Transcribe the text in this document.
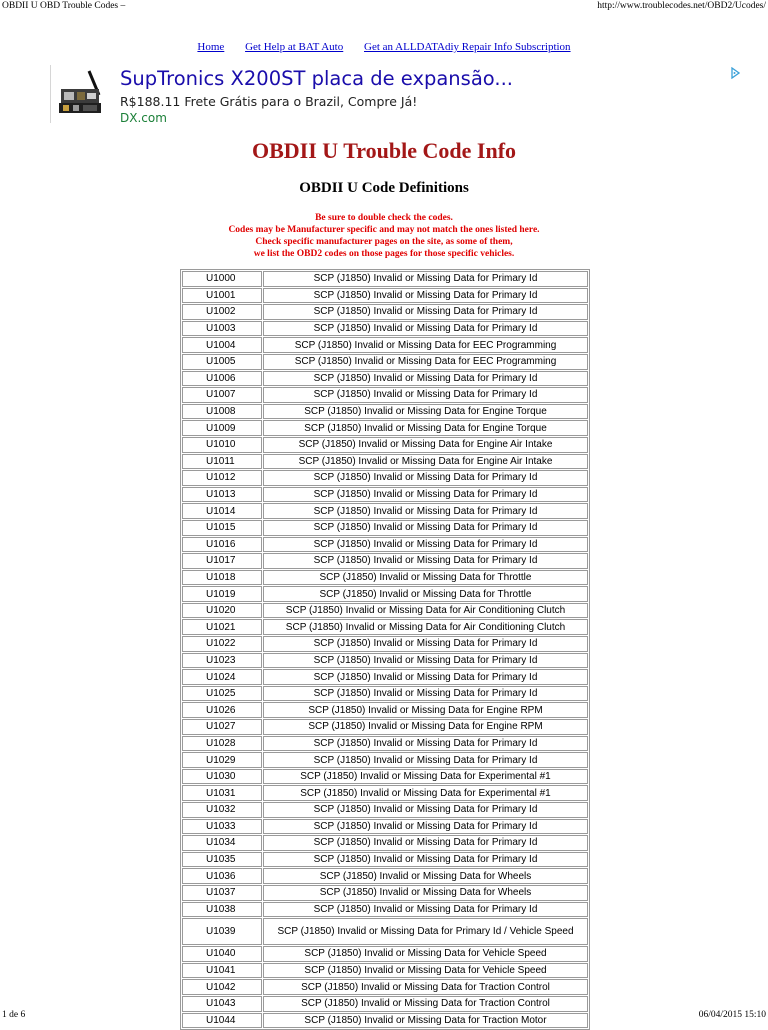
OBDII U OBD Trouble Codes –	http://www.troublecodes.net/OBD2/Ucodes/
Home Get Help at BAT Auto Get an ALLDATAdiy Repair Info Subscription
SupTronics X200ST placa de expansão...
R$188.11 Frete Grátis para o Brazil, Compre Já!
DX.com
OBDII U Trouble Code Info
OBDII U Code Definitions
Be sure to double check the codes.
Codes may be Manufacturer specific and may not match the ones listed here.
Check specific manufacturer pages on the site, as some of them,
we list the OBD2 codes on those pages for those specific vehicles.
U1000	SCP (J1850) Invalid or Missing Data for Primary Id
U1001	SCP (J1850) Invalid or Missing Data for Primary Id
U1002	SCP (J1850) Invalid or Missing Data for Primary Id
U1003	SCP (J1850) Invalid or Missing Data for Primary Id
U1004	SCP (J1850) Invalid or Missing Data for EEC Programming
U1005	SCP (J1850) Invalid or Missing Data for EEC Programming
U1006	SCP (J1850) Invalid or Missing Data for Primary Id
U1007	SCP (J1850) Invalid or Missing Data for Primary Id
U1008	SCP (J1850) Invalid or Missing Data for Engine Torque
U1009	SCP (J1850) Invalid or Missing Data for Engine Torque
U1010	SCP (J1850) Invalid or Missing Data for Engine Air Intake
U1011	SCP (J1850) Invalid or Missing Data for Engine Air Intake
U1012	SCP (J1850) Invalid or Missing Data for Primary Id
U1013	SCP (J1850) Invalid or Missing Data for Primary Id
U1014	SCP (J1850) Invalid or Missing Data for Primary Id
U1015	SCP (J1850) Invalid or Missing Data for Primary Id
U1016	SCP (J1850) Invalid or Missing Data for Primary Id
U1017	SCP (J1850) Invalid or Missing Data for Primary Id
U1018	SCP (J1850) Invalid or Missing Data for Throttle
U1019	SCP (J1850) Invalid or Missing Data for Throttle
U1020	SCP (J1850) Invalid or Missing Data for Air Conditioning Clutch
U1021	SCP (J1850) Invalid or Missing Data for Air Conditioning Clutch
U1022	SCP (J1850) Invalid or Missing Data for Primary Id
U1023	SCP (J1850) Invalid or Missing Data for Primary Id
U1024	SCP (J1850) Invalid or Missing Data for Primary Id
U1025	SCP (J1850) Invalid or Missing Data for Primary Id
U1026	SCP (J1850) Invalid or Missing Data for Engine RPM
U1027	SCP (J1850) Invalid or Missing Data for Engine RPM
U1028	SCP (J1850) Invalid or Missing Data for Primary Id
U1029	SCP (J1850) Invalid or Missing Data for Primary Id
U1030	SCP (J1850) Invalid or Missing Data for Experimental #1
U1031	SCP (J1850) Invalid or Missing Data for Experimental #1
U1032	SCP (J1850) Invalid or Missing Data for Primary Id
U1033	SCP (J1850) Invalid or Missing Data for Primary Id
U1034	SCP (J1850) Invalid or Missing Data for Primary Id
U1035	SCP (J1850) Invalid or Missing Data for Primary Id
U1036	SCP (J1850) Invalid or Missing Data for Wheels
U1037	SCP (J1850) Invalid or Missing Data for Wheels
U1038	SCP (J1850) Invalid or Missing Data for Primary Id
U1039	SCP (J1850) Invalid or Missing Data for Primary Id / Vehicle Speed
U1040	SCP (J1850) Invalid or Missing Data for Vehicle Speed
U1041	SCP (J1850) Invalid or Missing Data for Vehicle Speed
U1042	SCP (J1850) Invalid or Missing Data for Traction Control
U1043	SCP (J1850) Invalid or Missing Data for Traction Control
U1044	SCP (J1850) Invalid or Missing Data for Traction Motor
1 de 6	06/04/2015 15:10
